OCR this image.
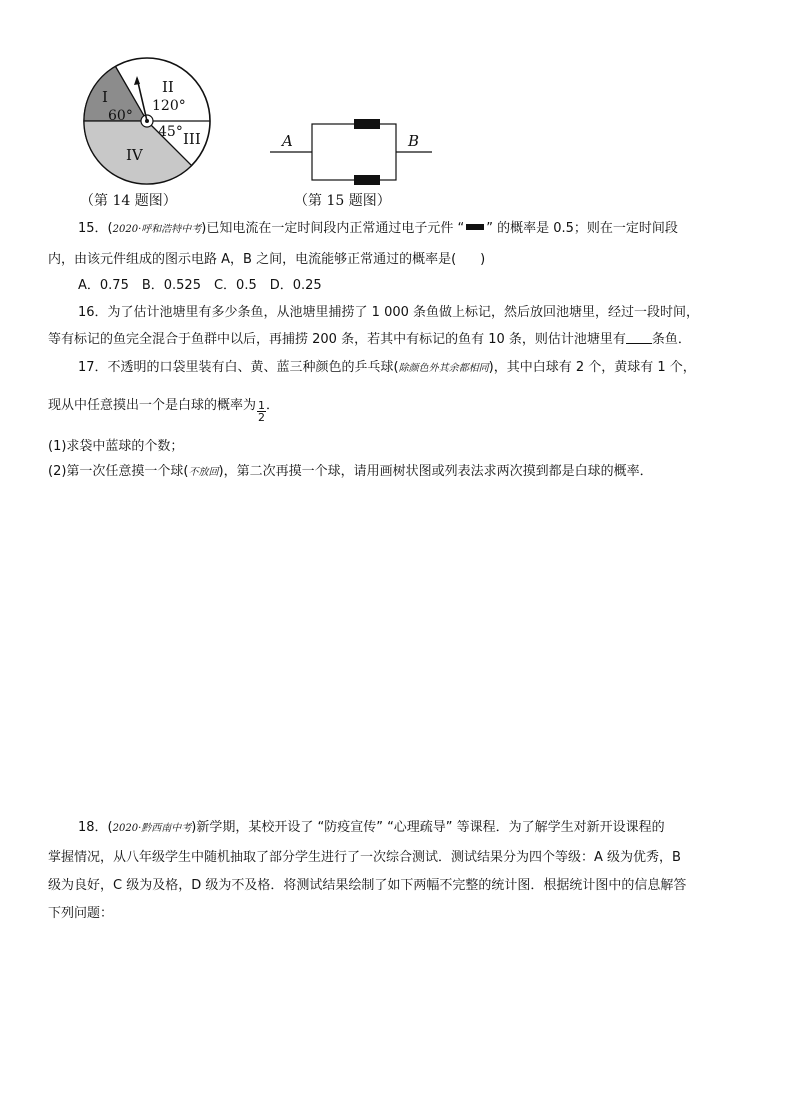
I
60°
II
120°
45° III
IV
（第 14 题图）
A	B
（第 15 题图）
15．(2020·呼和浩特中考)已知电流在一定时间段内正常通过电子元件 “ ” 的概率是 0.5；则在一定时间段
内，由该元件组成的图示电路 A，B 之间，电流能够正常通过的概率是( )
A．0.75　B．0.525　C．0.5　D．0.25
16．为了估计池塘里有多少条鱼，从池塘里捕捞了 1 000 条鱼做上标记，然后放回池塘里，经过一段时间，
等有标记的鱼完全混合于鱼群中以后，再捕捞 200 条，若其中有标记的鱼有 10 条，则估计池塘里有 条鱼．
17．不透明的口袋里装有白、黄、蓝三种颜色的乒乓球(除颜色外其余都相同)，其中白球有 2 个，黄球有 1 个，
现从中任意摸出一个是白球的概率为 $\frac{1}{2}$ ．
(1)求袋中蓝球的个数；
(2)第一次任意摸一个球(不放回)，第二次再摸一个球，请用画树状图或列表法求两次摸到都是白球的概率．
18．(2020·黔西南中考)新学期，某校开设了 “防疫宣传” “心理疏导” 等课程．为了解学生对新开设课程的
掌握情况，从八年级学生中随机抽取了部分学生进行了一次综合测试．测试结果分为四个等级：A 级为优秀，B
级为良好，C 级为及格，D 级为不及格．将测试结果绘制了如下两幅不完整的统计图．根据统计图中的信息解答
下列问题：
